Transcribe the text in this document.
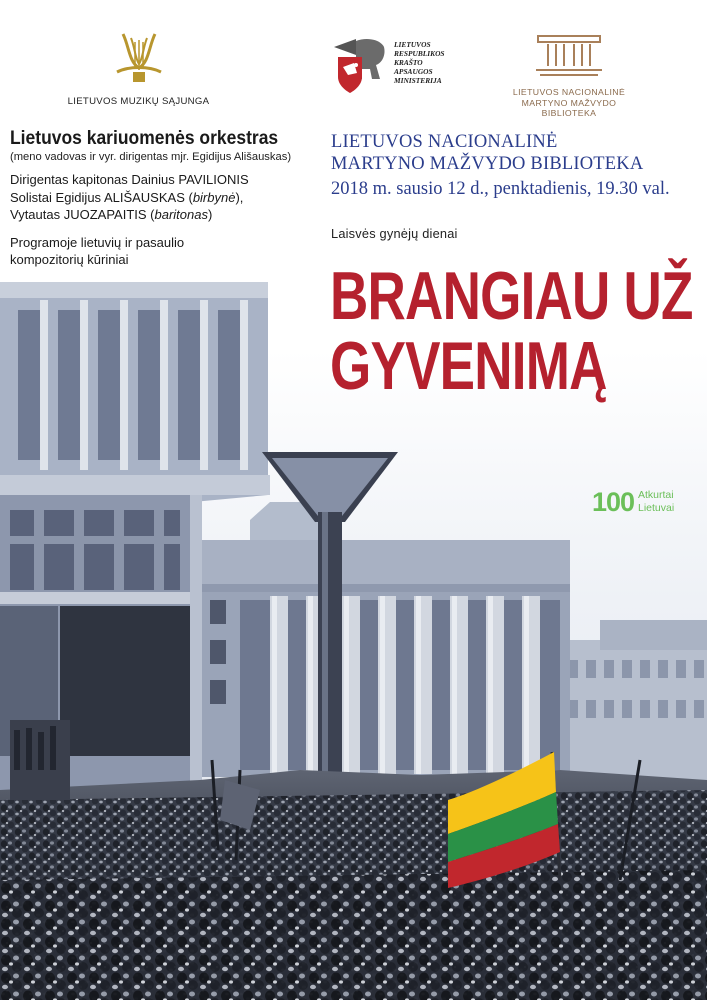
LIETUVOS MUZIKŲ SĄJUNGA
LIETUVOS
RESPUBLIKOS
KRAŠTO
APSAUGOS
MINISTERIJA
LIETUVOS NACIONALINĖ
MARTYNO MAŽVYDO
BIBLIOTEKA
Lietuvos kariuomenės orkestras
(meno vadovas ir vyr. dirigentas mjr. Egidijus Ališauskas)
Dirigentas kapitonas Dainius PAVILIONIS
Solistai Egidijus ALIŠAUSKAS (birbynė),
Vytautas JUOZAPAITIS (baritonas)
Programoje lietuvių ir pasaulio
kompozitorių kūriniai
LIETUVOS NACIONALINĖ
MARTYNO MAŽVYDO BIBLIOTEKA
2018 m. sausio 12 d., penktadienis, 19.30 val.
Laisvės gynėjų dienai
BRANGIAU UŽ
GYVENIMĄ
100 Atkurtai
Lietuvai
